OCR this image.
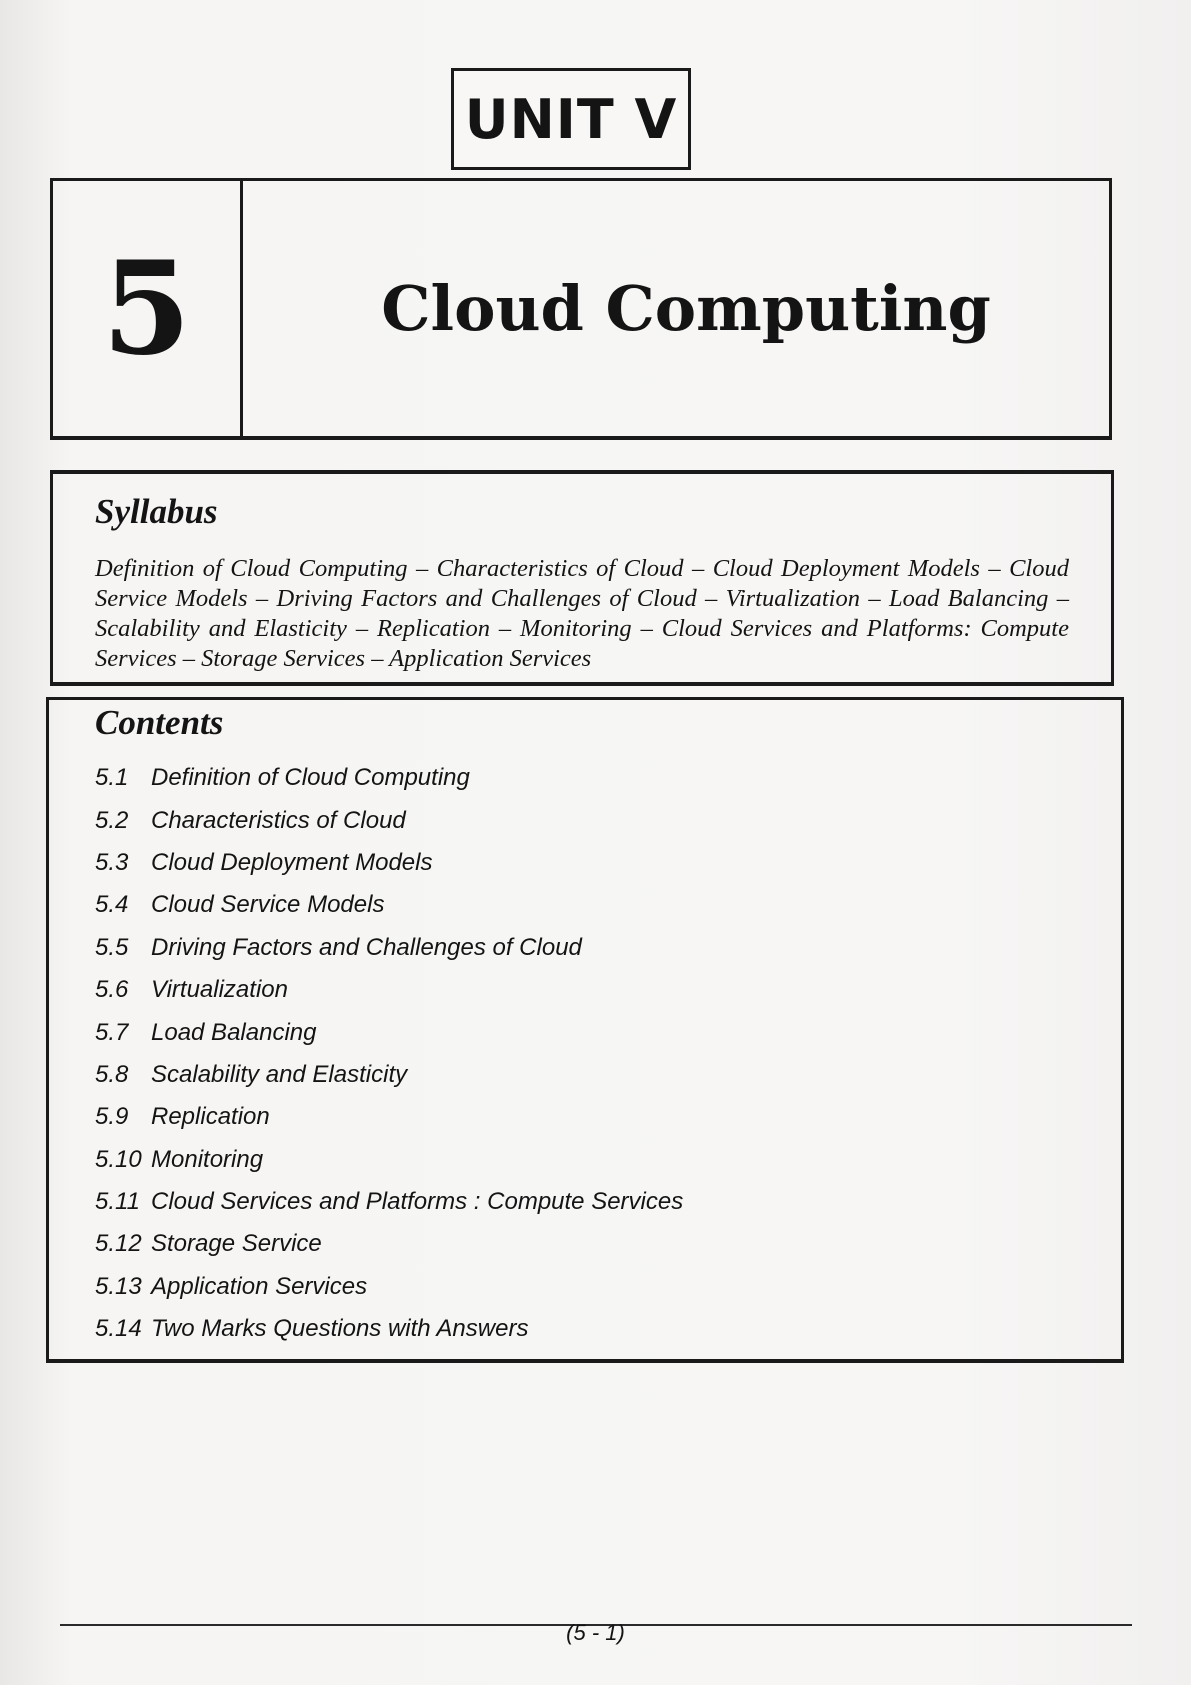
UNIT V
5	Cloud Computing
Syllabus
Definition of Cloud Computing – Characteristics of Cloud – Cloud Deployment Models – Cloud Service Models – Driving Factors and Challenges of Cloud – Virtualization – Load Balancing – Scalability and Elasticity – Replication – Monitoring – Cloud Services and Platforms: Compute Services – Storage Services – Application Services
Contents
5.1 Definition of Cloud Computing
5.2 Characteristics of Cloud
5.3 Cloud Deployment Models
5.4 Cloud Service Models
5.5 Driving Factors and Challenges of Cloud
5.6 Virtualization
5.7 Load Balancing
5.8 Scalability and Elasticity
5.9 Replication
5.10 Monitoring
5.11 Cloud Services and Platforms : Compute Services
5.12 Storage Service
5.13 Application Services
5.14 Two Marks Questions with Answers
(5 - 1)
